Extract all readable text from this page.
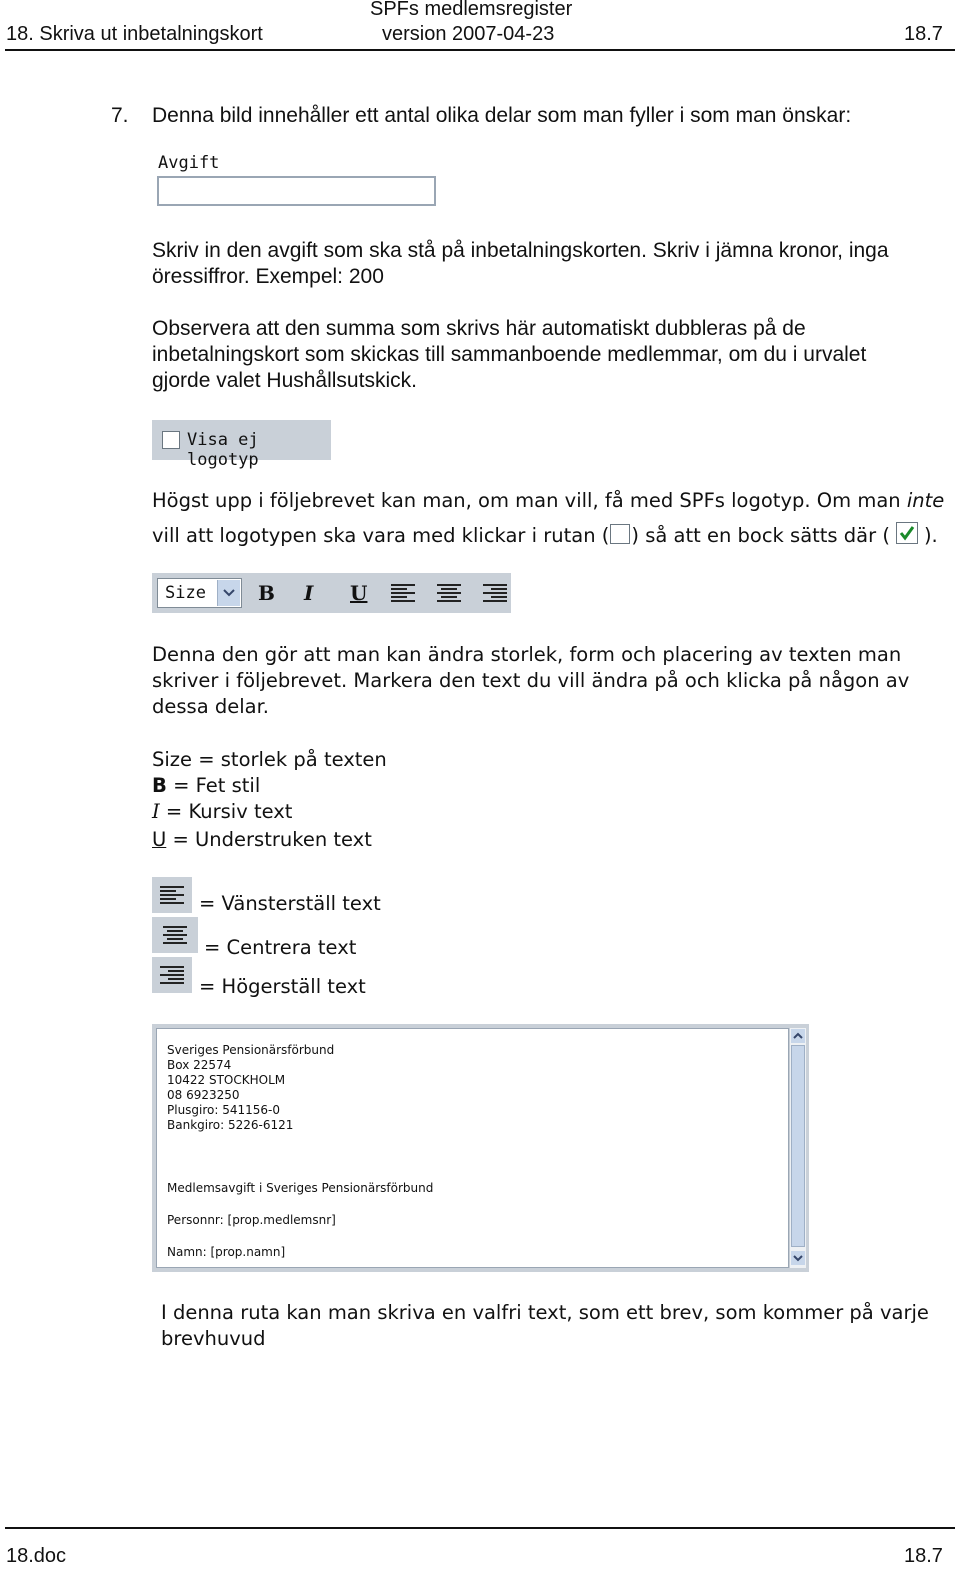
18. Skriva ut inbetalningskort
SPFs medlemsregister
version 2007-04-23	18.7
7. Denna bild innehåller ett antal olika delar som man fyller i som man önskar:
Avgift
Skriv in den avgift som ska stå på inbetalningskorten. Skriv i jämna kronor, inga
öressiffror. Exempel: 200
Observera att den summa som skrivs här automatiskt dubbleras på de
inbetalningskort som skickas till sammanboende medlemmar, om du i urvalet
gjorde valet Hushållsutskick.
Visa ej logotyp
Högst upp i följebrevet kan man, om man vill, få med SPFs logotyp. Om man inte
vill att logotypen ska vara med klickar i rutan ( ) så att en bock sätts där ( ).
Size	B I U
Denna den gör att man kan ändra storlek, form och placering av texten man
skriver i följebrevet. Markera den text du vill ändra på och klicka på någon av
dessa delar.
Size = storlek på texten
B = Fet stil
I = Kursiv text
U = Understruken text
= Vänsterställ text
= Centrera text
= Högerställ text
Sveriges Pensionärsförbund
Box 22574
10422 STOCKHOLM
08 6923250
Plusgiro: 541156-0
Bankgiro: 5226-6121
Medlemsavgift i Sveriges Pensionärsförbund
Personnr: [prop.medlemsnr]
Namn: [prop.namn]
I denna ruta kan man skriva en valfri text, som ett brev, som kommer på varje
brevhuvud
18.doc	18.7
